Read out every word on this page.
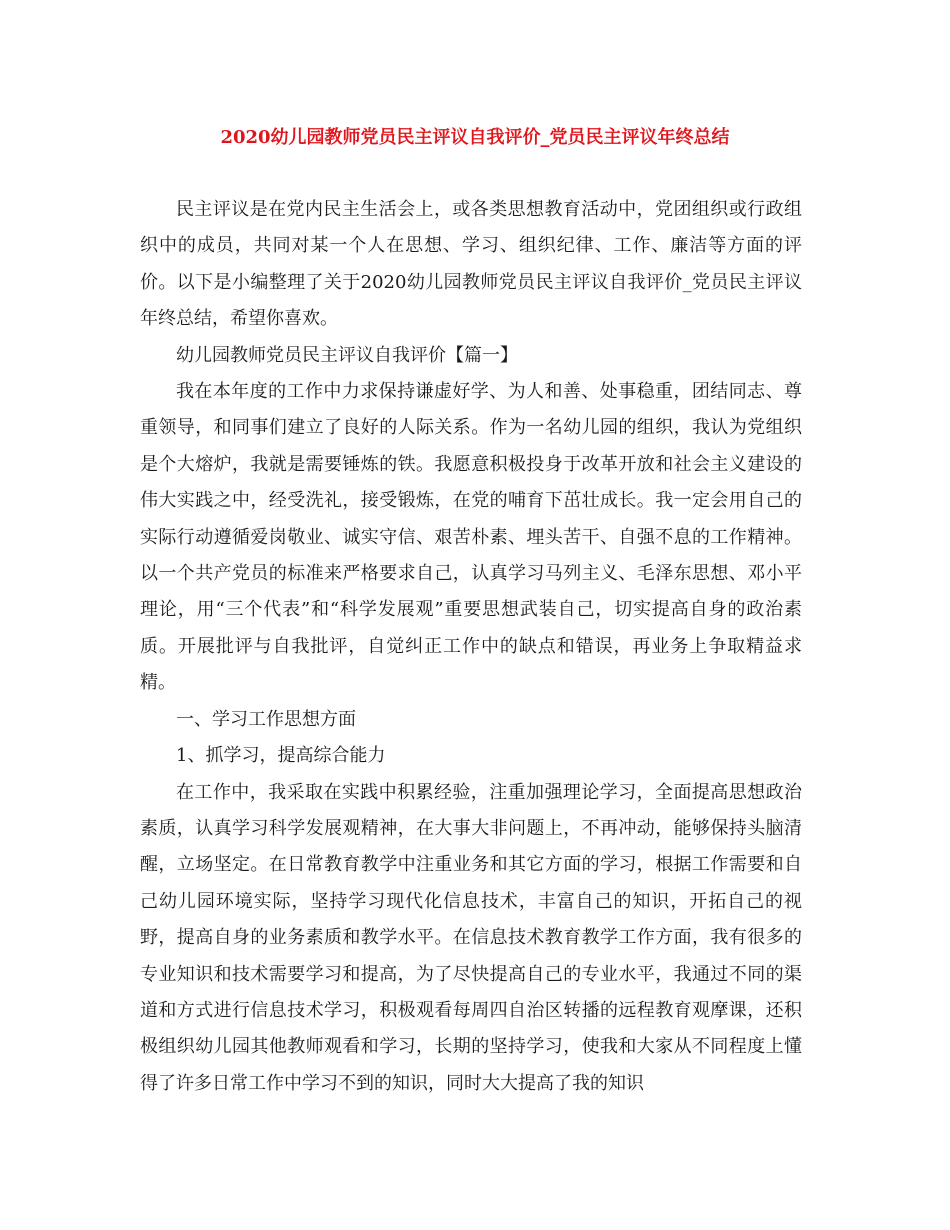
2020幼儿园教师党员民主评议自我评价_党员民主评议年终总结

民主评议是在党内民主生活会上，或各类思想教育活动中，党团组织或行政组织中的成员，共同对某一个人在思想、学习、组织纪律、工作、廉洁等方面的评价。以下是小编整理了关于2020幼儿园教师党员民主评议自我评价_党员民主评议年终总结，希望你喜欢。

幼儿园教师党员民主评议自我评价【篇一】

我在本年度的工作中力求保持谦虚好学、为人和善、处事稳重，团结同志、尊重领导，和同事们建立了良好的人际关系。作为一名幼儿园的组织，我认为党组织是个大熔炉，我就是需要锤炼的铁。我愿意积极投身于改革开放和社会主义建设的伟大实践之中，经受洗礼，接受锻炼，在党的哺育下茁壮成长。我一定会用自己的实际行动遵循爱岗敬业、诚实守信、艰苦朴素、埋头苦干、自强不息的工作精神。以一个共产党员的标准来严格要求自己，认真学习马列主义、毛泽东思想、邓小平理论，用“三个代表”和“科学发展观”重要思想武装自己，切实提高自身的政治素质。开展批评与自我批评，自觉纠正工作中的缺点和错误，再业务上争取精益求精。

一、学习工作思想方面

1、抓学习，提高综合能力

在工作中，我采取在实践中积累经验，注重加强理论学习，全面提高思想政治素质，认真学习科学发展观精神，在大事大非问题上，不再冲动，能够保持头脑清醒，立场坚定。在日常教育教学中注重业务和其它方面的学习，根据工作需要和自己幼儿园环境实际，坚持学习现代化信息技术，丰富自己的知识，开拓自己的视野，提高自身的业务素质和教学水平。在信息技术教育教学工作方面，我有很多的专业知识和技术需要学习和提高，为了尽快提高自己的专业水平，我通过不同的渠道和方式进行信息技术学习，积极观看每周四自治区转播的远程教育观摩课，还积极组织幼儿园其他教师观看和学习，长期的坚持学习，使我和大家从不同程度上懂得了许多日常工作中学习不到的知识，同时大大提高了我的知识
